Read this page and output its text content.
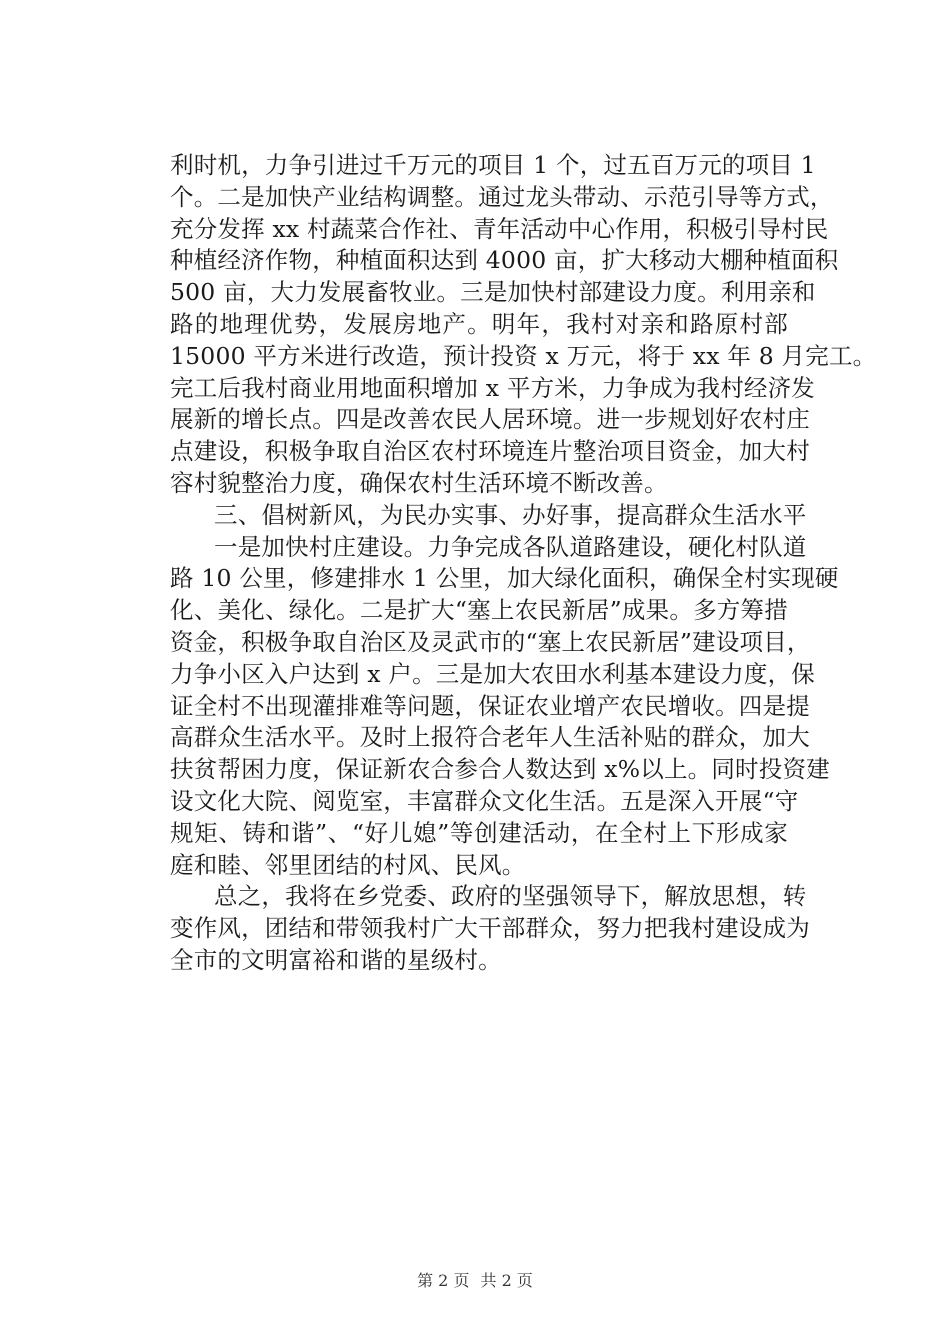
利时机，力争引进过千万元的项目 1 个，过五百万元的项目 1
个。二是加快产业结构调整。通过龙头带动、示范引导等方式，
充分发挥 xx 村蔬菜合作社、青年活动中心作用，积极引导村民
种植经济作物，种植面积达到 4000 亩，扩大移动大棚种植面积
500 亩，大力发展畜牧业。三是加快村部建设力度。利用亲和
路的地理优势，发展房地产。明年，我村对亲和路原村部
15000 平方米进行改造，预计投资 x 万元，将于 xx 年 8 月完工。
完工后我村商业用地面积增加 x 平方米，力争成为我村经济发
展新的增长点。四是改善农民人居环境。进一步规划好农村庄
点建设，积极争取自治区农村环境连片整治项目资金，加大村
容村貌整治力度，确保农村生活环境不断改善。
三、倡树新风，为民办实事、办好事，提高群众生活水平
一是加快村庄建设。力争完成各队道路建设，硬化村队道
路 10 公里，修建排水 1 公里，加大绿化面积，确保全村实现硬
化、美化、绿化。二是扩大“塞上农民新居”成果。多方筹措
资金，积极争取自治区及灵武市的“塞上农民新居”建设项目，
力争小区入户达到 x 户。三是加大农田水利基本建设力度，保
证全村不出现灌排难等问题，保证农业增产农民增收。四是提
高群众生活水平。及时上报符合老年人生活补贴的群众，加大
扶贫帮困力度，保证新农合参合人数达到 x%以上。同时投资建
设文化大院、阅览室，丰富群众文化生活。五是深入开展“守
规矩、铸和谐”、“好儿媳”等创建活动，在全村上下形成家
庭和睦、邻里团结的村风、民风。
总之，我将在乡党委、政府的坚强领导下，解放思想，转
变作风，团结和带领我村广大干部群众，努力把我村建设成为
全市的文明富裕和谐的星级村。
第 2 页 共 2 页
